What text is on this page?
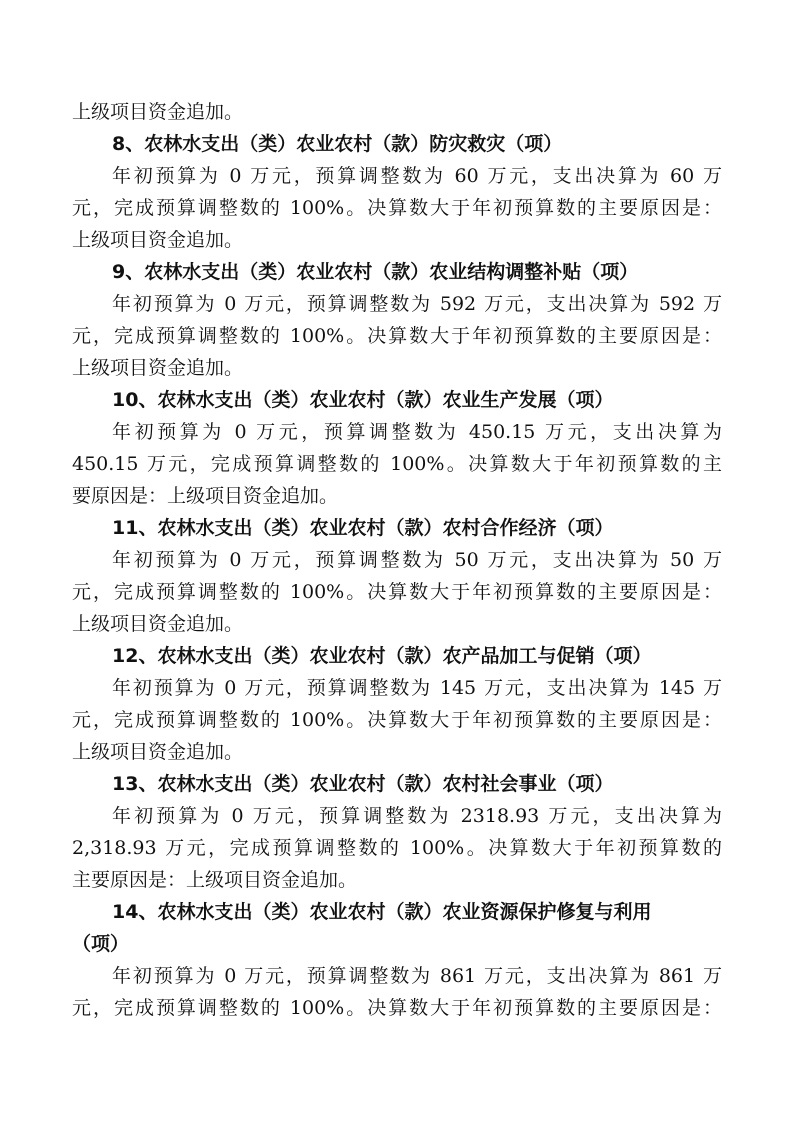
上级项目资金追加。
8、农林水支出（类）农业农村（款）防灾救灾（项）
年初预算为 0 万元，预算调整数为 60 万元，支出决算为 60 万
元，完成预算调整数的 100%。决算数大于年初预算数的主要原因是：
上级项目资金追加。
9、农林水支出（类）农业农村（款）农业结构调整补贴（项）
年初预算为 0 万元，预算调整数为 592 万元，支出决算为 592 万
元，完成预算调整数的 100%。决算数大于年初预算数的主要原因是：
上级项目资金追加。
10、农林水支出（类）农业农村（款）农业生产发展（项）
年初预算为 0 万元，预算调整数为 450.15 万元，支出决算为
450.15 万元，完成预算调整数的 100%。决算数大于年初预算数的主
要原因是：上级项目资金追加。
11、农林水支出（类）农业农村（款）农村合作经济（项）
年初预算为 0 万元，预算调整数为 50 万元，支出决算为 50 万
元，完成预算调整数的 100%。决算数大于年初预算数的主要原因是：
上级项目资金追加。
12、农林水支出（类）农业农村（款）农产品加工与促销（项）
年初预算为 0 万元，预算调整数为 145 万元，支出决算为 145 万
元，完成预算调整数的 100%。决算数大于年初预算数的主要原因是：
上级项目资金追加。
13、农林水支出（类）农业农村（款）农村社会事业（项）
年初预算为 0 万元，预算调整数为 2318.93 万元，支出决算为
2,318.93 万元，完成预算调整数的 100%。决算数大于年初预算数的
主要原因是：上级项目资金追加。
14、农林水支出（类）农业农村（款）农业资源保护修复与利用
（项）
年初预算为 0 万元，预算调整数为 861 万元，支出决算为 861 万
元，完成预算调整数的 100%。决算数大于年初预算数的主要原因是：
